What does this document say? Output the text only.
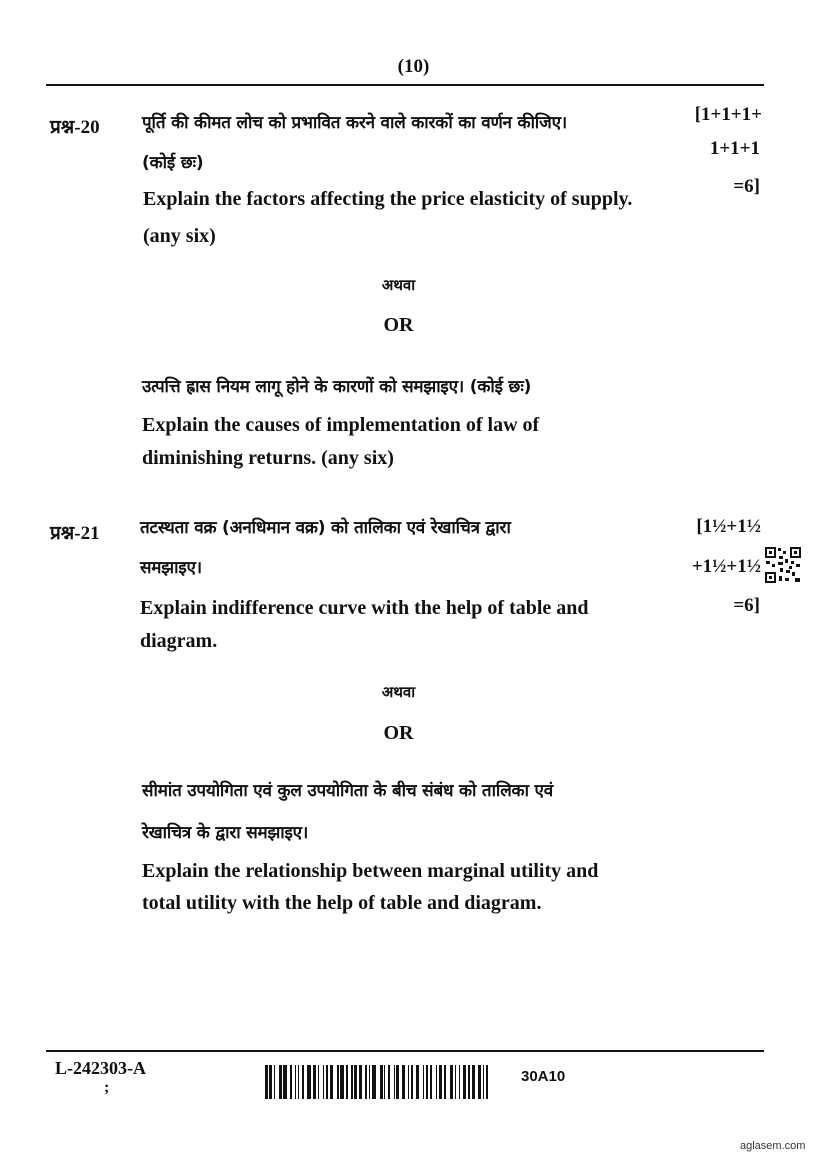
(10)
प्रश्न-20 पूर्ति की कीमत लोच को प्रभावित करने वाले कारकों का वर्णन कीजिए।
(कोई छः)
Explain the factors affecting the price elasticity of supply.
(any six)
[1+1+1+
1+1+1
=6]
अथवा
OR
उत्पत्ति ह्रास नियम लागू होने के कारणों को समझाइए। (कोई छः)
Explain the causes of implementation of law of
diminishing returns. (any six)
प्रश्न-21 तटस्थता वक्र (अनधिमान वक्र) को तालिका एवं रेखाचित्र द्वारा
समझाइए।
Explain indifference curve with the help of table and
diagram.
[1½+1½
+1½+1½
=6]
अथवा
OR
सीमांत उपयोगिता एवं कुल उपयोगिता के बीच संबंध को तालिका एवं
रेखाचित्र के द्वारा समझाइए।
Explain the relationship between marginal utility and
total utility with the help of table and diagram.
L-242303-A
;
30A10
aglasem.com
